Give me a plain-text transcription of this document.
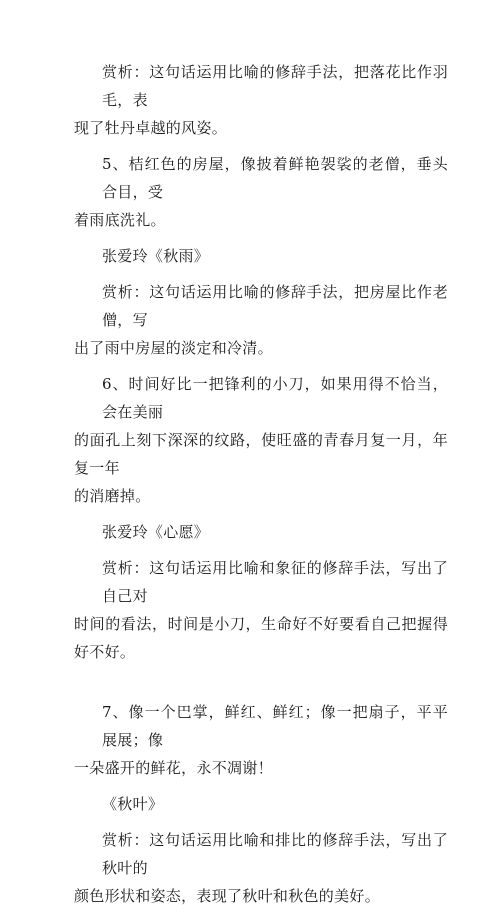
赏析：这句话运用比喻的修辞手法，把落花比作羽毛，表
现了牡丹卓越的风姿。

5、桔红色的房屋，像披着鲜艳袈裟的老僧，垂头合目，受
着雨底洗礼。

张爱玲《秋雨》

赏析：这句话运用比喻的修辞手法，把房屋比作老僧，写
出了雨中房屋的淡定和冷清。

6、时间好比一把锋利的小刀，如果用得不恰当，会在美丽
的面孔上刻下深深的纹路，使旺盛的青春月复一月，年复一年
的消磨掉。

张爱玲《心愿》

赏析：这句话运用比喻和象征的修辞手法，写出了自己对
时间的看法，时间是小刀，生命好不好要看自己把握得好不好。

7、像一个巴掌，鲜红、鲜红；像一把扇子，平平展展；像
一朵盛开的鲜花，永不凋谢！

《秋叶》

赏析：这句话运用比喻和排比的修辞手法，写出了秋叶的
颜色形状和姿态，表现了秋叶和秋色的美好。
